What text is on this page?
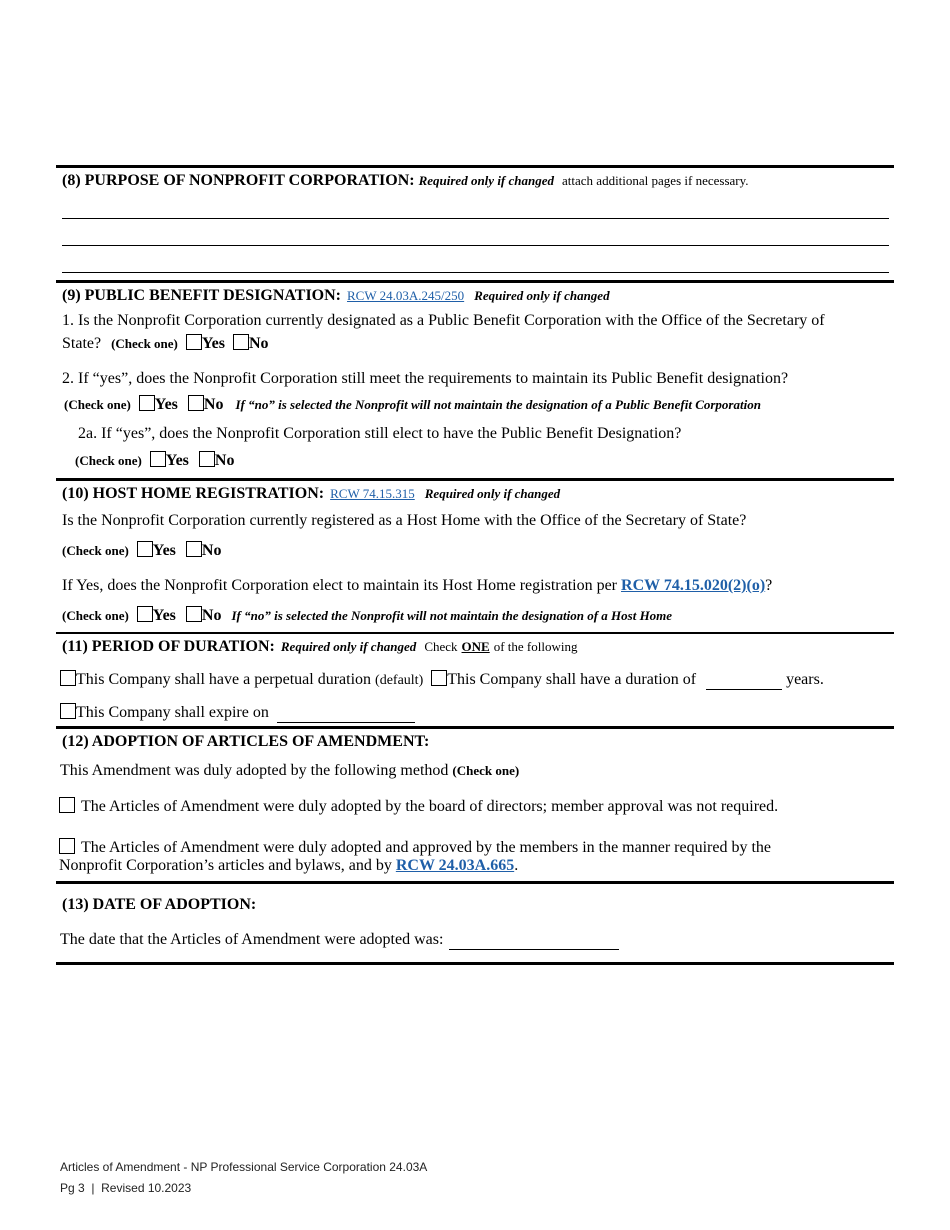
(8) PURPOSE OF NONPROFIT CORPORATION: Required only if changed attach additional pages if necessary.
(9) PUBLIC BENEFIT DESIGNATION: RCW 24.03A.245/250 Required only if changed
1. Is the Nonprofit Corporation currently designated as a Public Benefit Corporation with the Office of the Secretary of
State? (Check one) Yes No
2. If “yes”, does the Nonprofit Corporation still meet the requirements to maintain its Public Benefit designation?
(Check one) Yes No If “no” is selected the Nonprofit will not maintain the designation of a Public Benefit Corporation
2a. If “yes”, does the Nonprofit Corporation still elect to have the Public Benefit Designation?
(Check one) Yes No
(10) HOST HOME REGISTRATION: RCW 74.15.315 Required only if changed
Is the Nonprofit Corporation currently registered as a Host Home with the Office of the Secretary of State?
(Check one) Yes No
If Yes, does the Nonprofit Corporation elect to maintain its Host Home registration per RCW 74.15.020(2)(o)?
(Check one) Yes No If “no” is selected the Nonprofit will not maintain the designation of a Host Home
(11) PERIOD OF DURATION: Required only if changed Check ONE of the following
This Company shall have a perpetual duration (default) This Company shall have a duration of	years.
This Company shall expire on
(12) ADOPTION OF ARTICLES OF AMENDMENT:
This Amendment was duly adopted by the following method (Check one)
The Articles of Amendment were duly adopted by the board of directors; member approval was not required.
The Articles of Amendment were duly adopted and approved by the members in the manner required by the
Nonprofit Corporation’s articles and bylaws, and by RCW 24.03A.665.
(13) DATE OF ADOPTION:
The date that the Articles of Amendment were adopted was:
Articles of Amendment - NP Professional Service Corporation 24.03A
Pg 3  |  Revised 10.2023
